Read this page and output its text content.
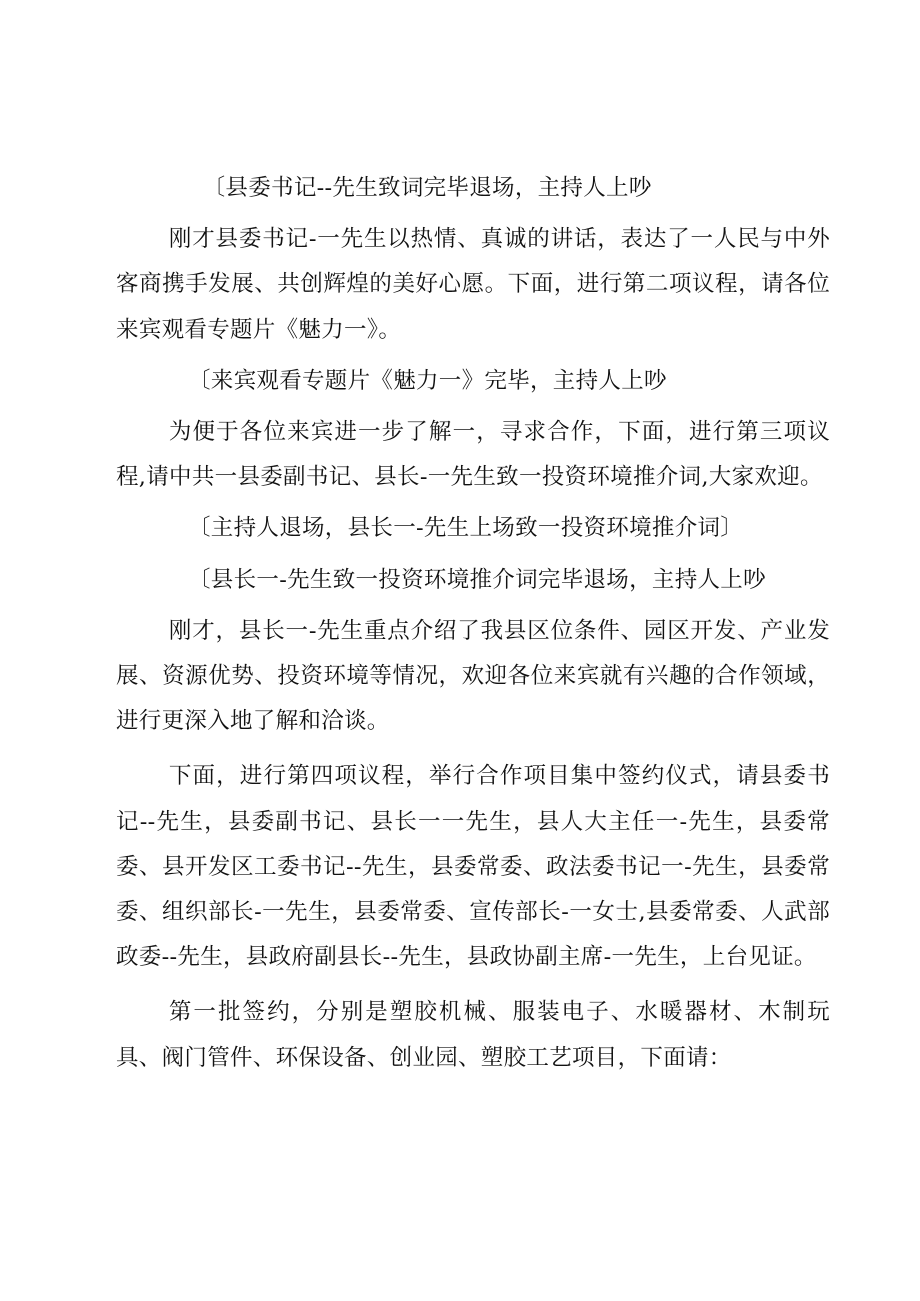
〔县委书记--先生致词完毕退场，主持人上吵

刚才县委书记-一先生以热情、真诚的讲话，表达了一人民与中外客商携手发展、共创辉煌的美好心愿。下面，进行第二项议程，请各位来宾观看专题片《魅力一》。

〔来宾观看专题片《魅力一》完毕，主持人上吵

为便于各位来宾进一步了解一，寻求合作，下面，进行第三项议程,请中共一县委副书记、县长-一先生致一投资环境推介词,大家欢迎。

〔主持人退场，县长一-先生上场致一投资环境推介词〕

〔县长一-先生致一投资环境推介词完毕退场，主持人上吵

刚才，县长一-先生重点介绍了我县区位条件、园区开发、产业发展、资源优势、投资环境等情况，欢迎各位来宾就有兴趣的合作领域，进行更深入地了解和洽谈。

下面，进行第四项议程，举行合作项目集中签约仪式，请县委书记--先生，县委副书记、县长一一先生，县人大主任一-先生，县委常委、县开发区工委书记--先生，县委常委、政法委书记一-先生，县委常委、组织部长-一先生，县委常委、宣传部长-一女士,县委常委、人武部政委--先生，县政府副县长--先生，县政协副主席-一先生，上台见证。

第一批签约，分别是塑胶机械、服装电子、水暖器材、木制玩具、阀门管件、环保设备、创业园、塑胶工艺项目，下面请：
